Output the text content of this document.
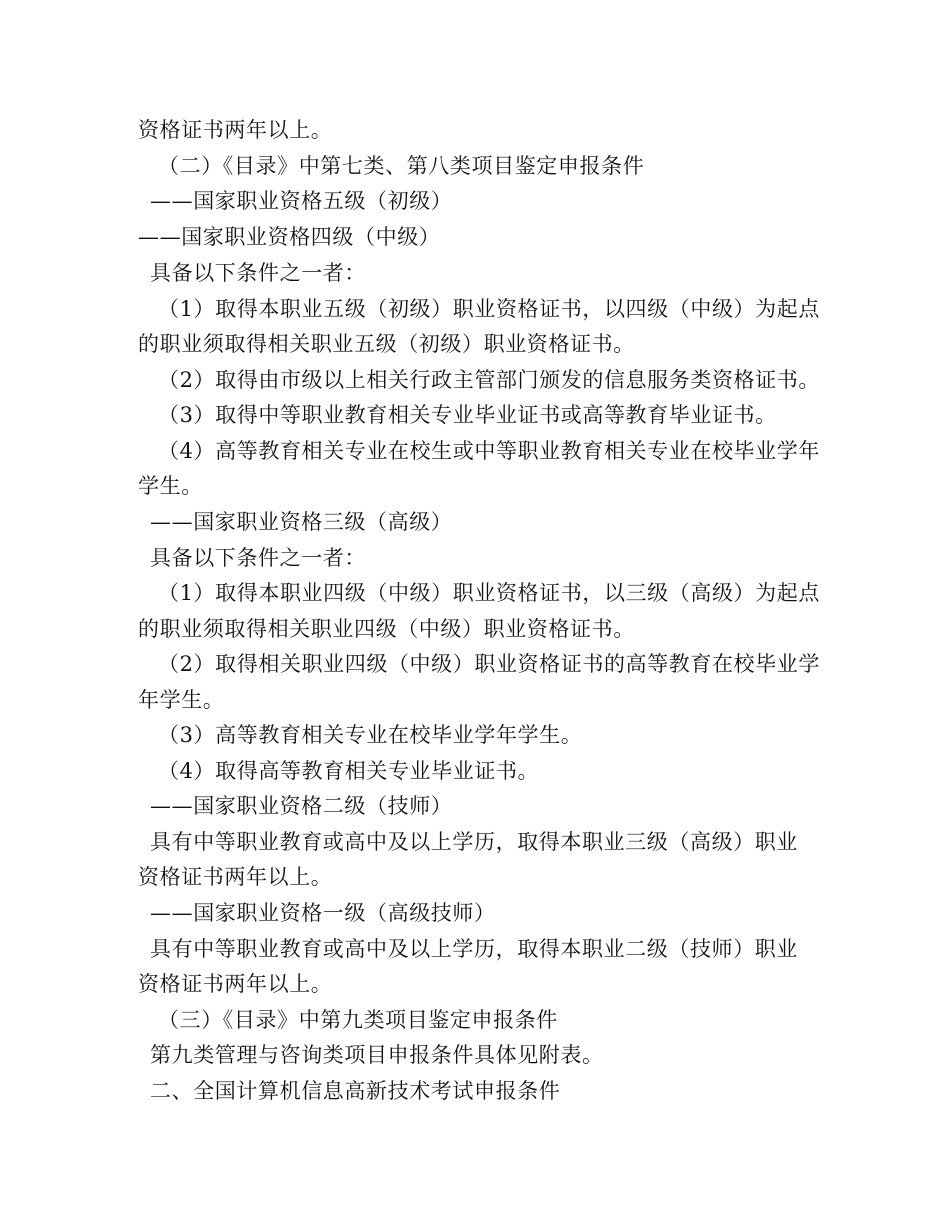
资格证书两年以上。
（二）《目录》中第七类、第八类项目鉴定申报条件
——国家职业资格五级（初级）
——国家职业资格四级（中级）
具备以下条件之一者：
（1）取得本职业五级（初级）职业资格证书，以四级（中级）为起点
的职业须取得相关职业五级（初级）职业资格证书。
（2）取得由市级以上相关行政主管部门颁发的信息服务类资格证书。
（3）取得中等职业教育相关专业毕业证书或高等教育毕业证书。
（4）高等教育相关专业在校生或中等职业教育相关专业在校毕业学年
学生。
——国家职业资格三级（高级）
具备以下条件之一者：
（1）取得本职业四级（中级）职业资格证书，以三级（高级）为起点
的职业须取得相关职业四级（中级）职业资格证书。
（2）取得相关职业四级（中级）职业资格证书的高等教育在校毕业学
年学生。
（3）高等教育相关专业在校毕业学年学生。
（4）取得高等教育相关专业毕业证书。
——国家职业资格二级（技师）
具有中等职业教育或高中及以上学历，取得本职业三级（高级）职业
资格证书两年以上。
——国家职业资格一级（高级技师）
具有中等职业教育或高中及以上学历，取得本职业二级（技师）职业
资格证书两年以上。
（三）《目录》中第九类项目鉴定申报条件
第九类管理与咨询类项目申报条件具体见附表。
二、全国计算机信息高新技术考试申报条件
